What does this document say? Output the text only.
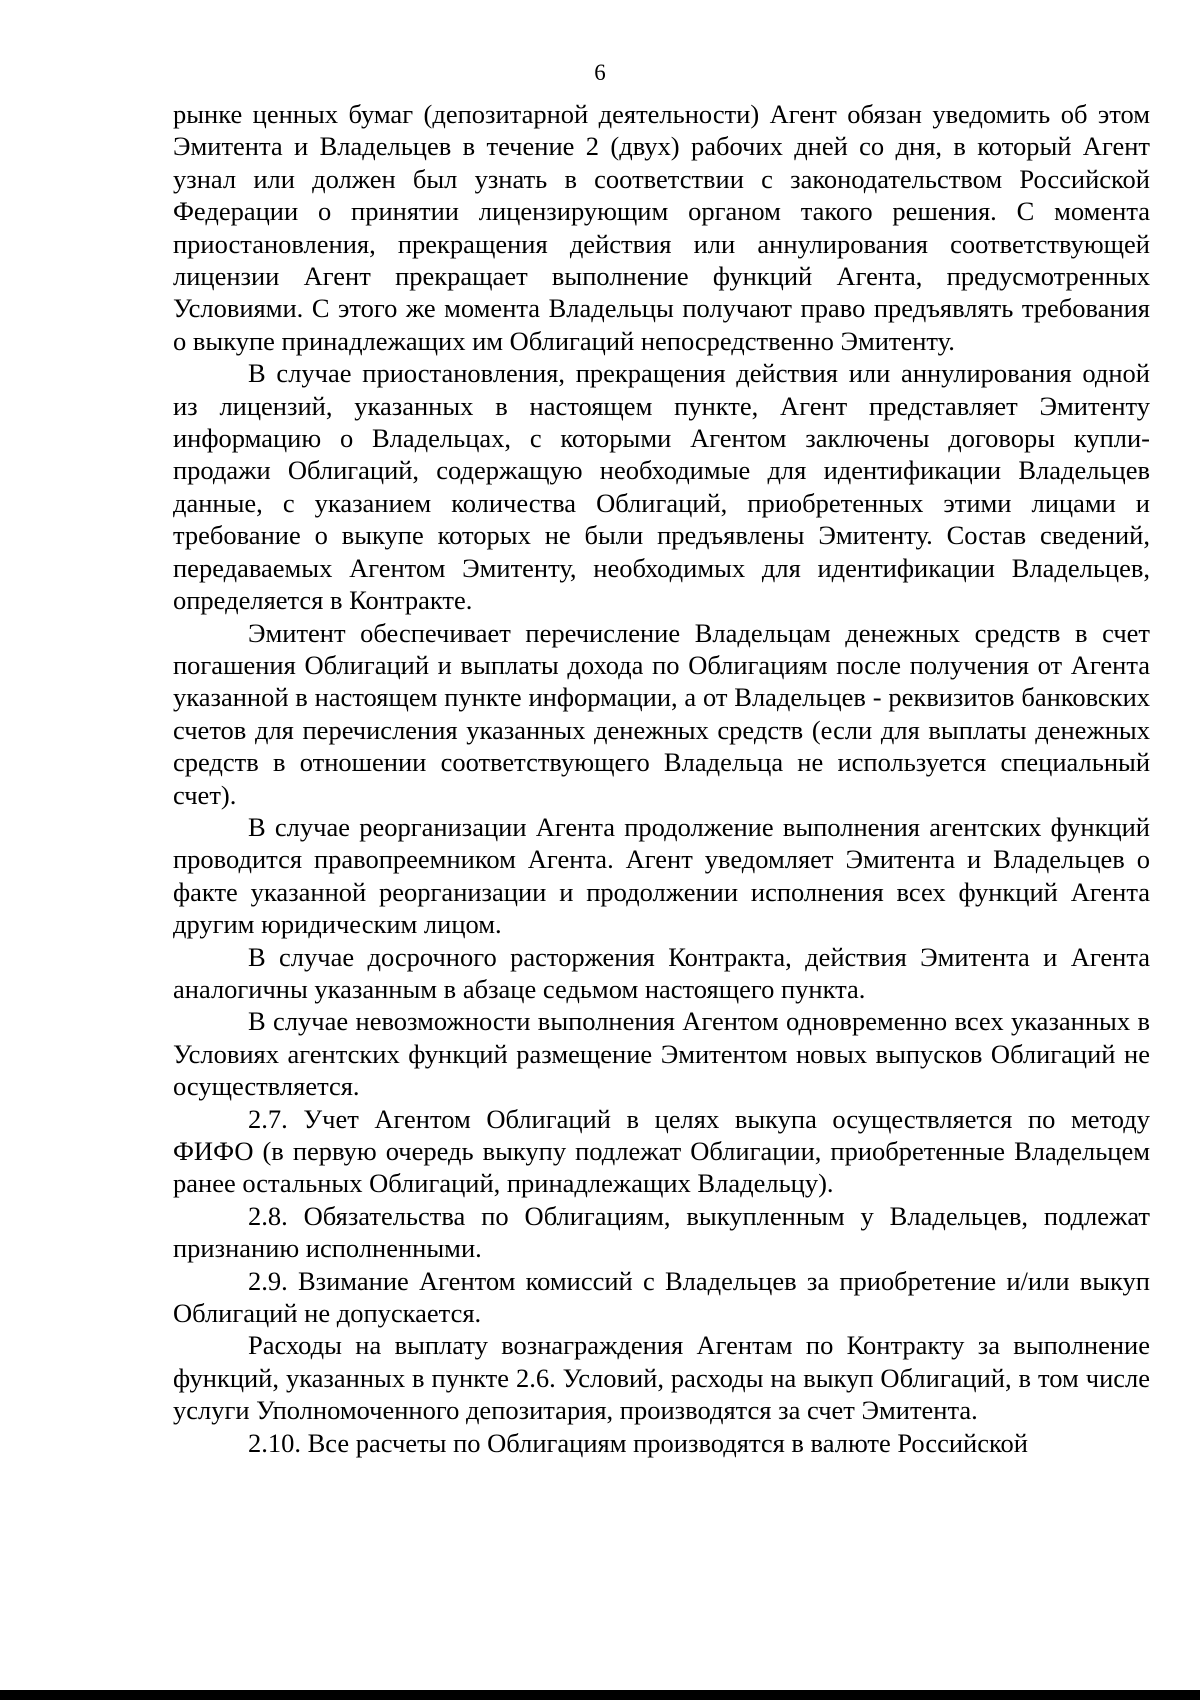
6

рынке ценных бумаг (депозитарной деятельности) Агент обязан уведомить об этом Эмитента и Владельцев в течение 2 (двух) рабочих дней со дня, в который Агент узнал или должен был узнать в соответствии с законодательством Российской Федерации о принятии лицензирующим органом такого решения. С момента приостановления, прекращения действия или аннулирования соответствующей лицензии Агент прекращает выполнение функций Агента, предусмотренных Условиями. С этого же момента Владельцы получают право предъявлять требования о выкупе принадлежащих им Облигаций непосредственно Эмитенту.

В случае приостановления, прекращения действия или аннулирования одной из лицензий, указанных в настоящем пункте, Агент представляет Эмитенту информацию о Владельцах, с которыми Агентом заключены договоры купли-продажи Облигаций, содержащую необходимые для идентификации Владельцев данные, с указанием количества Облигаций, приобретенных этими лицами и требование о выкупе которых не были предъявлены Эмитенту. Состав сведений, передаваемых Агентом Эмитенту, необходимых для идентификации Владельцев, определяется в Контракте.

Эмитент обеспечивает перечисление Владельцам денежных средств в счет погашения Облигаций и выплаты дохода по Облигациям после получения от Агента указанной в настоящем пункте информации, а от Владельцев - реквизитов банковских счетов для перечисления указанных денежных средств (если для выплаты денежных средств в отношении соответствующего Владельца не используется специальный счет).

В случае реорганизации Агента продолжение выполнения агентских функций проводится правопреемником Агента. Агент уведомляет Эмитента и Владельцев о факте указанной реорганизации и продолжении исполнения всех функций Агента другим юридическим лицом.

В случае досрочного расторжения Контракта, действия Эмитента и Агента аналогичны указанным в абзаце седьмом настоящего пункта.

В случае невозможности выполнения Агентом одновременно всех указанных в Условиях агентских функций размещение Эмитентом новых выпусков Облигаций не осуществляется.

2.7. Учет Агентом Облигаций в целях выкупа осуществляется по методу ФИФО (в первую очередь выкупу подлежат Облигации, приобретенные Владельцем ранее остальных Облигаций, принадлежащих Владельцу).

2.8. Обязательства по Облигациям, выкупленным у Владельцев, подлежат признанию исполненными.

2.9. Взимание Агентом комиссий с Владельцев за приобретение и/или выкуп Облигаций не допускается.

Расходы на выплату вознаграждения Агентам по Контракту за выполнение функций, указанных в пункте 2.6. Условий, расходы на выкуп Облигаций, в том числе услуги Уполномоченного депозитария, производятся за счет Эмитента.

2.10. Все расчеты по Облигациям производятся в валюте Российской
